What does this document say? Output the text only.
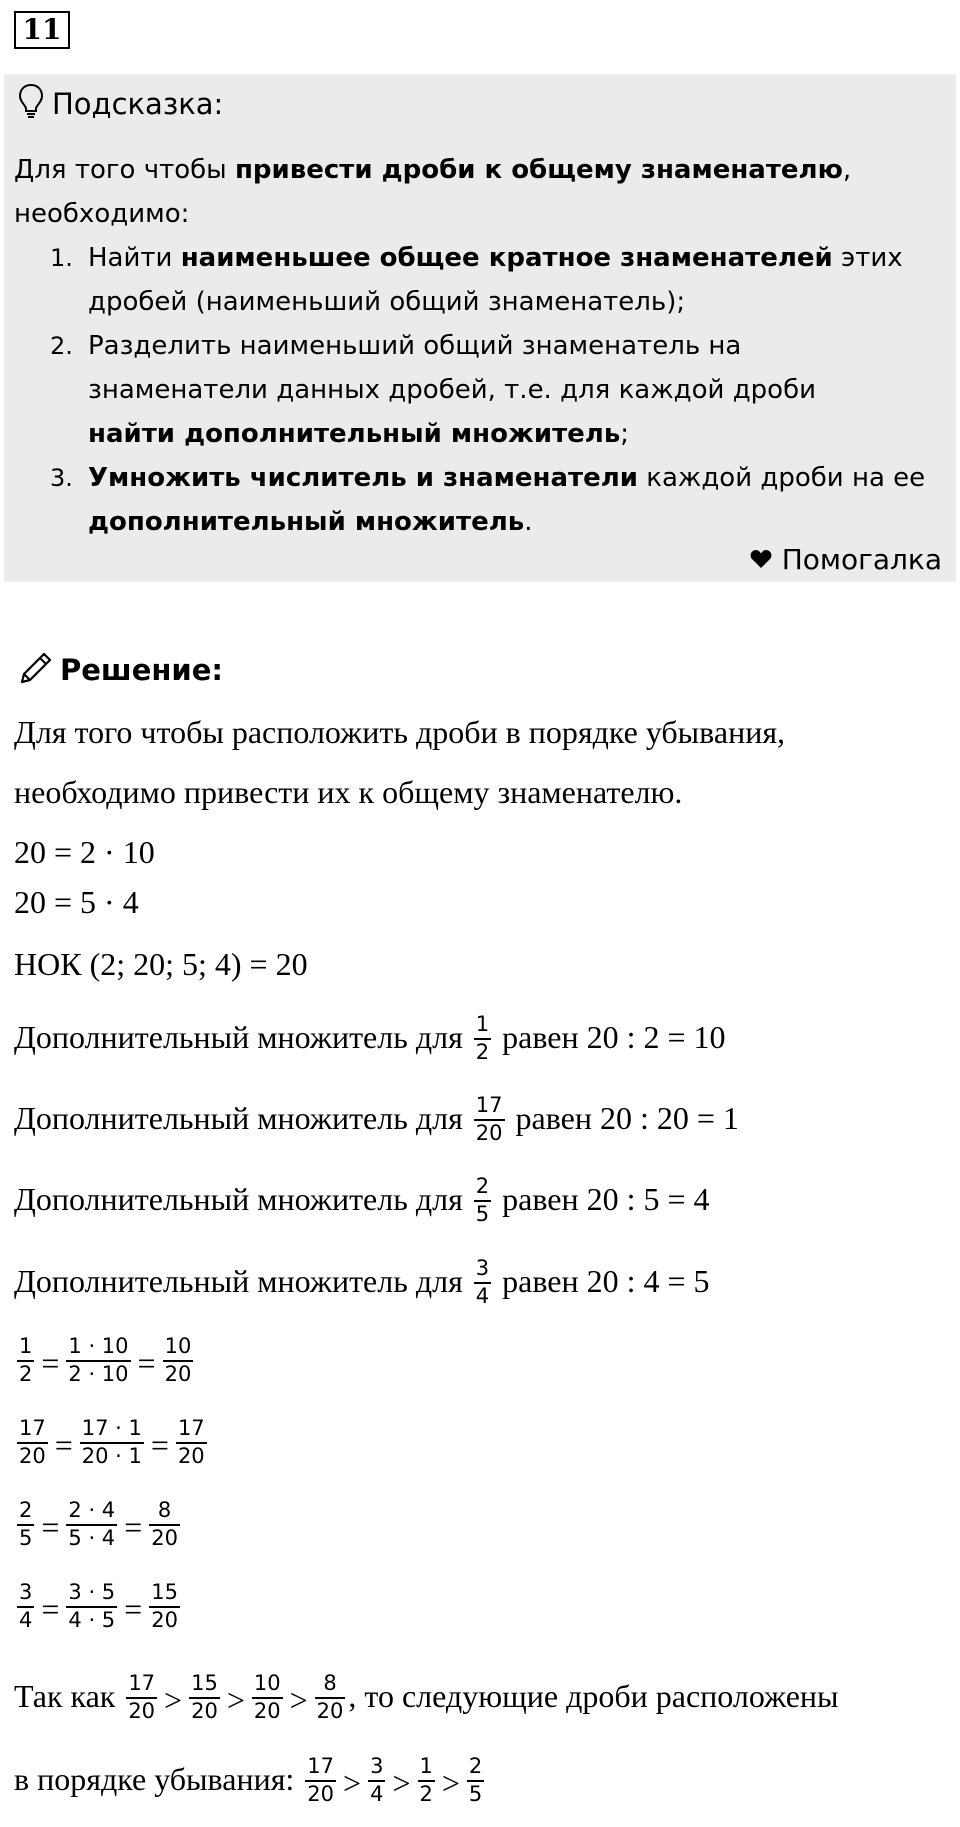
11
Подсказка:
Для того чтобы привести дроби к общему знаменателю,
необходимо:
1. Найти наименьшее общее кратное знаменателей этих
дробей (наименьший общий знаменатель);
2. Разделить наименьший общий знаменатель на
знаменатели данных дробей, т.е. для каждой дроби
найти дополнительный множитель;
3. Умножить числитель и знаменатели каждой дроби на ее
дополнительный множитель.
Помогалка
Решение:
Для того чтобы расположить дроби в порядке убывания,
необходимо привести их к общему знаменателю.
20 = 2 · 10
20 = 5 · 4
НОК (2; 20; 5; 4) = 20
Дополнительный множитель для $\frac{1}{2}$ равен 20 : 2 = 10
Дополнительный множитель для $\frac{17}{20}$ равен 20 : 20 = 1
Дополнительный множитель для $\frac{2}{5}$ равен 20 : 5 = 4
Дополнительный множитель для $\frac{3}{4}$ равен 20 : 4 = 5
$\frac{1}{2} = \frac{1 \cdot 10}{2 \cdot 10} = \frac{10}{20}$
$\frac{17}{20} = \frac{17 \cdot 1}{20 \cdot 1} = \frac{17}{20}$
$\frac{2}{5} = \frac{2 \cdot 4}{5 \cdot 4} = \frac{8}{20}$
$\frac{3}{4} = \frac{3 \cdot 5}{4 \cdot 5} = \frac{15}{20}$
Так как $\frac{17}{20} > \frac{15}{20} > \frac{10}{20} > \frac{8}{20}$ , то следующие дроби расположены
в порядке убывания: $\frac{17}{20} > \frac{3}{4} > \frac{1}{2} > \frac{2}{5}$
